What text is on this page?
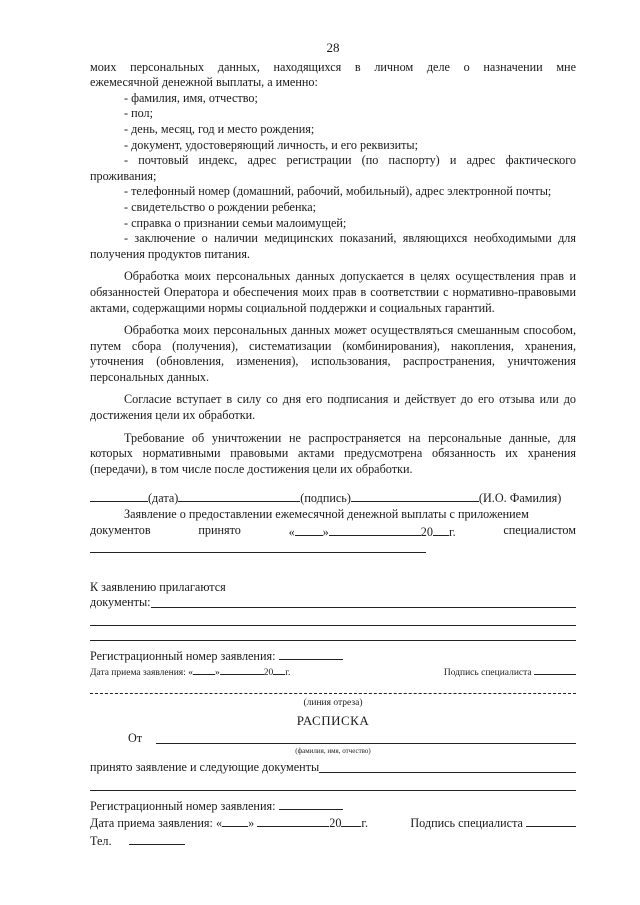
28
моих персональных данных, находящихся в личном деле о назначении мне
ежемесячной денежной выплаты, а именно:
- фамилия, имя, отчество;
- пол;
- день, месяц, год и место рождения;
- документ, удостоверяющий личность, и его реквизиты;
- почтовый индекс, адрес регистрации (по паспорту) и адрес фактического проживания;
- телефонный номер (домашний, рабочий, мобильный), адрес электронной почты;
- свидетельство о рождении ребенка;
- справка о признании семьи малоимущей;
- заключение о наличии медицинских показаний, являющихся необходимыми для получения продуктов питания.
Обработка моих персональных данных допускается в целях осуществления прав и обязанностей Оператора и обеспечения моих прав в соответствии с нормативно-правовыми актами, содержащими нормы социальной поддержки и социальных гарантий.
Обработка моих персональных данных может осуществляться смешанным способом, путем сбора (получения), систематизации (комбинирования), накопления, хранения, уточнения (обновления, изменения), использования, распространения, уничтожения персональных данных.
Согласие вступает в силу со дня его подписания и действует до его отзыва или до достижения цели их обработки.
Требование об уничтожении не распространяется на персональные данные, для которых нормативными правовыми актами предусмотрена обязанность их хранения (передачи), в том числе после достижения цели их обработки.
(дата)	(подпись)	(И.О. Фамилия)
Заявление о предоставлении ежемесячной денежной выплаты с приложением
документов	принято	« »	20 г.	специалистом
К заявлению прилагаются
документы:
Регистрационный номер заявления:
Дата приема заявления: « »	20 г.	Подпись специалиста
(линия отреза)
РАСПИСКА
От
(фамилия, имя, отчество)
принято заявление и следующие документы
Регистрационный номер заявления:
Дата приема заявления: « »	20 г.	Подпись специалиста
Тел.
